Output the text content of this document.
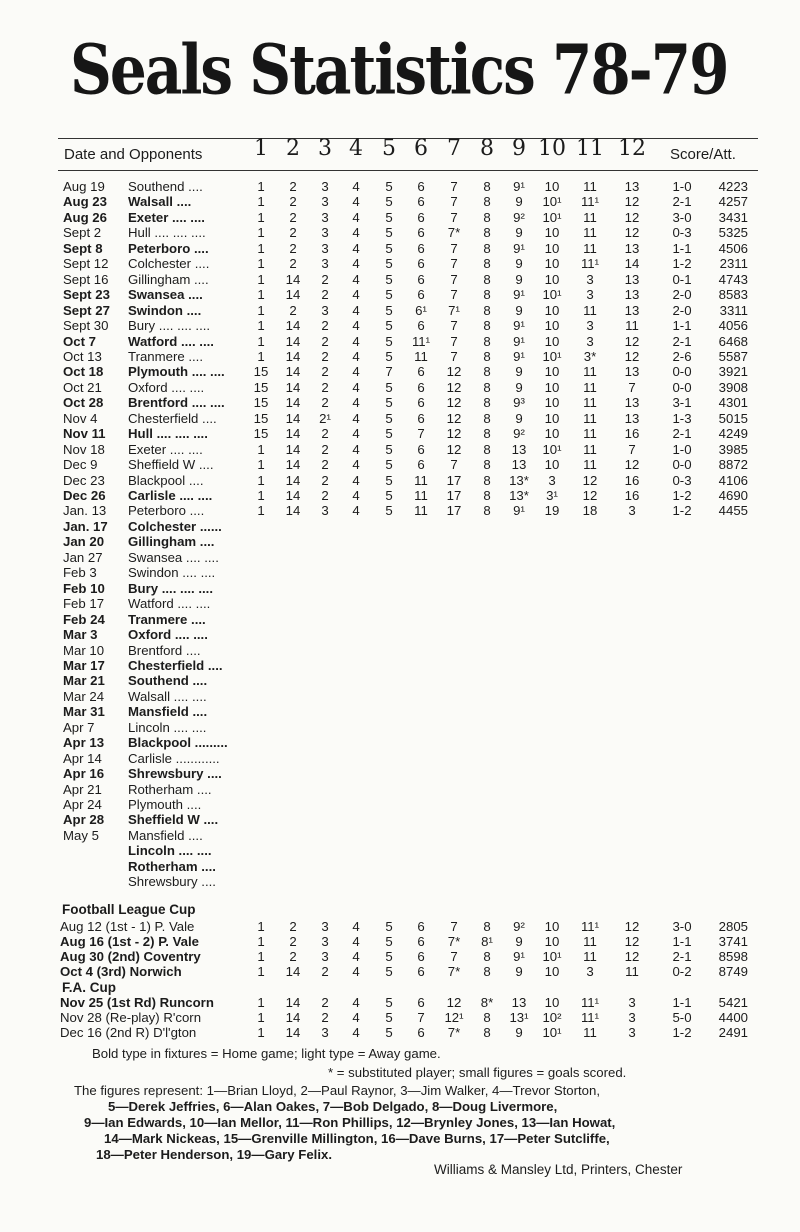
Seals Statistics 78-79
Date and Opponents	1 2 3 4 5 6 7 8 9 10 11 12 Score/Att.
Aug 19	Southend ....	1	2	3	4	5	6	7	8	9¹	10	11	13	1-0	4223
Aug 23	Walsall ....	1	2	3	4	5	6	7	8	9	10¹	11¹	12	2-1	4257
Aug 26	Exeter .... ....	1	2	3	4	5	6	7	8	9²	10¹	11	12	3-0	3431
Sept 2	Hull .... .... ....	1	2	3	4	5	6	7*	8	9	10	11	12	0-3	5325
Sept 8	Peterboro ....	1	2	3	4	5	6	7	8	9¹	10	11	13	1-1	4506
Sept 12	Colchester ....	1	2	3	4	5	6	7	8	9	10	11¹	14	1-2	2311
Sept 16	Gillingham ....	1	14	2	4	5	6	7	8	9	10	3	13	0-1	4743
Sept 23	Swansea ....	1	14	2	4	5	6	7	8	9¹	10¹	3	13	2-0	8583
Sept 27	Swindon ....	1	2	3	4	5	6¹	7¹	8	9	10	11	13	2-0	3311
Sept 30	Bury .... .... ....	1	14	2	4	5	6	7	8	9¹	10	3	11	1-1	4056
Oct 7	Watford .... ....	1	14	2	4	5	11¹	7	8	9¹	10	3	12	2-1	6468
Oct 13	Tranmere ....	1	14	2	4	5	11	7	8	9¹	10¹	3*	12	2-6	5587
Oct 18	Plymouth .... ....	15	14	2	4	7	6	12	8	9	10	11	13	0-0	3921
Oct 21	Oxford .... ....	15	14	2	4	5	6	12	8	9	10	11	7	0-0	3908
Oct 28	Brentford .... ....	15	14	2	4	5	6	12	8	9³	10	11	13	3-1	4301
Nov 4	Chesterfield ....	15	14	2¹	4	5	6	12	8	9	10	11	13	1-3	5015
Nov 11	Hull .... .... ....	15	14	2	4	5	7	12	8	9²	10	11	16	2-1	4249
Nov 18	Exeter .... ....	1	14	2	4	5	6	12	8	13	10¹	11	7	1-0	3985
Dec 9	Sheffield W ....	1	14	2	4	5	6	7	8	13	10	11	12	0-0	8872
Dec 23	Blackpool ....	1	14	2	4	5	11	17	8	13*	3	12	16	0-3	4106
Dec 26	Carlisle .... ....	1	14	2	4	5	11	17	8	13*	3¹	12	16	1-2	4690
Jan. 13	Peterboro ....	1	14	3	4	5	11	17	8	9¹	19	18	3	1-2	4455
Jan. 17	Colchester ......
Jan 20	Gillingham ....
Jan 27	Swansea .... ....
Feb 3	Swindon .... ....
Feb 10	Bury .... .... ....
Feb 17	Watford .... ....
Feb 24	Tranmere ....
Mar 3	Oxford .... ....
Mar 10	Brentford ....
Mar 17	Chesterfield ....
Mar 21	Southend ....
Mar 24	Walsall .... ....
Mar 31	Mansfield ....
Apr 7	Lincoln .... ....
Apr 13	Blackpool .........
Apr 14	Carlisle ............
Apr 16	Shrewsbury ....
Apr 21	Rotherham ....
Apr 24	Plymouth ....
Apr 28	Sheffield W ....
May 5	Mansfield ....
Lincoln .... ....
Rotherham ....
Shrewsbury ....
Football League Cup
Aug 12 (1st - 1) P. Vale	1	2	3	4	5	6	7	8	9²	10	11¹	12	3-0	2805
Aug 16 (1st - 2) P. Vale	1	2	3	4	5	6	7*	8¹	9	10	11	12	1-1	3741
Aug 30 (2nd) Coventry	1	2	3	4	5	6	7	8	9¹	10¹	11	12	2-1	8598
Oct 4 (3rd) Norwich	1	14	2	4	5	6	7*	8	9	10	3	11	0-2	8749
F.A. Cup
Nov 25 (1st Rd) Runcorn	1	14	2	4	5	6	12	8*	13	10	11¹	3	1-1	5421
Nov 28 (Re-play) R'corn	1	14	2	4	5	7	12¹	8	13¹	10²	11¹	3	5-0	4400
Dec 16 (2nd R) D'l'gton	1	14	3	4	5	6	7*	8	9	10¹	11	3	1-2	2491
Bold type in fixtures = Home game; light type = Away game.
* = substituted player; small figures = goals scored.
The figures represent: 1—Brian Lloyd, 2—Paul Raynor, 3—Jim Walker, 4—Trevor Storton,
5—Derek Jeffries, 6—Alan Oakes, 7—Bob Delgado, 8—Doug Livermore,
9—Ian Edwards, 10—Ian Mellor, 11—Ron Phillips, 12—Brynley Jones, 13—Ian Howat,
14—Mark Nickeas, 15—Grenville Millington, 16—Dave Burns, 17—Peter Sutcliffe,
18—Peter Henderson, 19—Gary Felix.
Williams & Mansley Ltd, Printers, Chester
